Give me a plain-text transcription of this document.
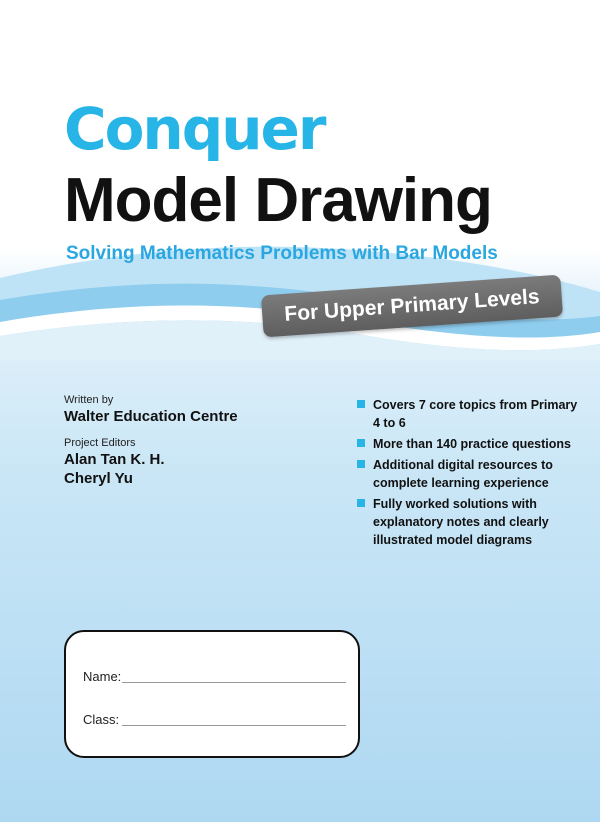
Conquer
Model Drawing
Solving Mathematics Problems with Bar Models
For Upper Primary Levels
Written by
Walter Education Centre
Project Editors
Alan Tan K. H.
Cheryl Yu
Covers 7 core topics from Primary 4 to 6
More than 140 practice questions
Additional digital resources to complete learning experience
Fully worked solutions with explanatory notes and clearly illustrated model diagrams
Name:
Class:
